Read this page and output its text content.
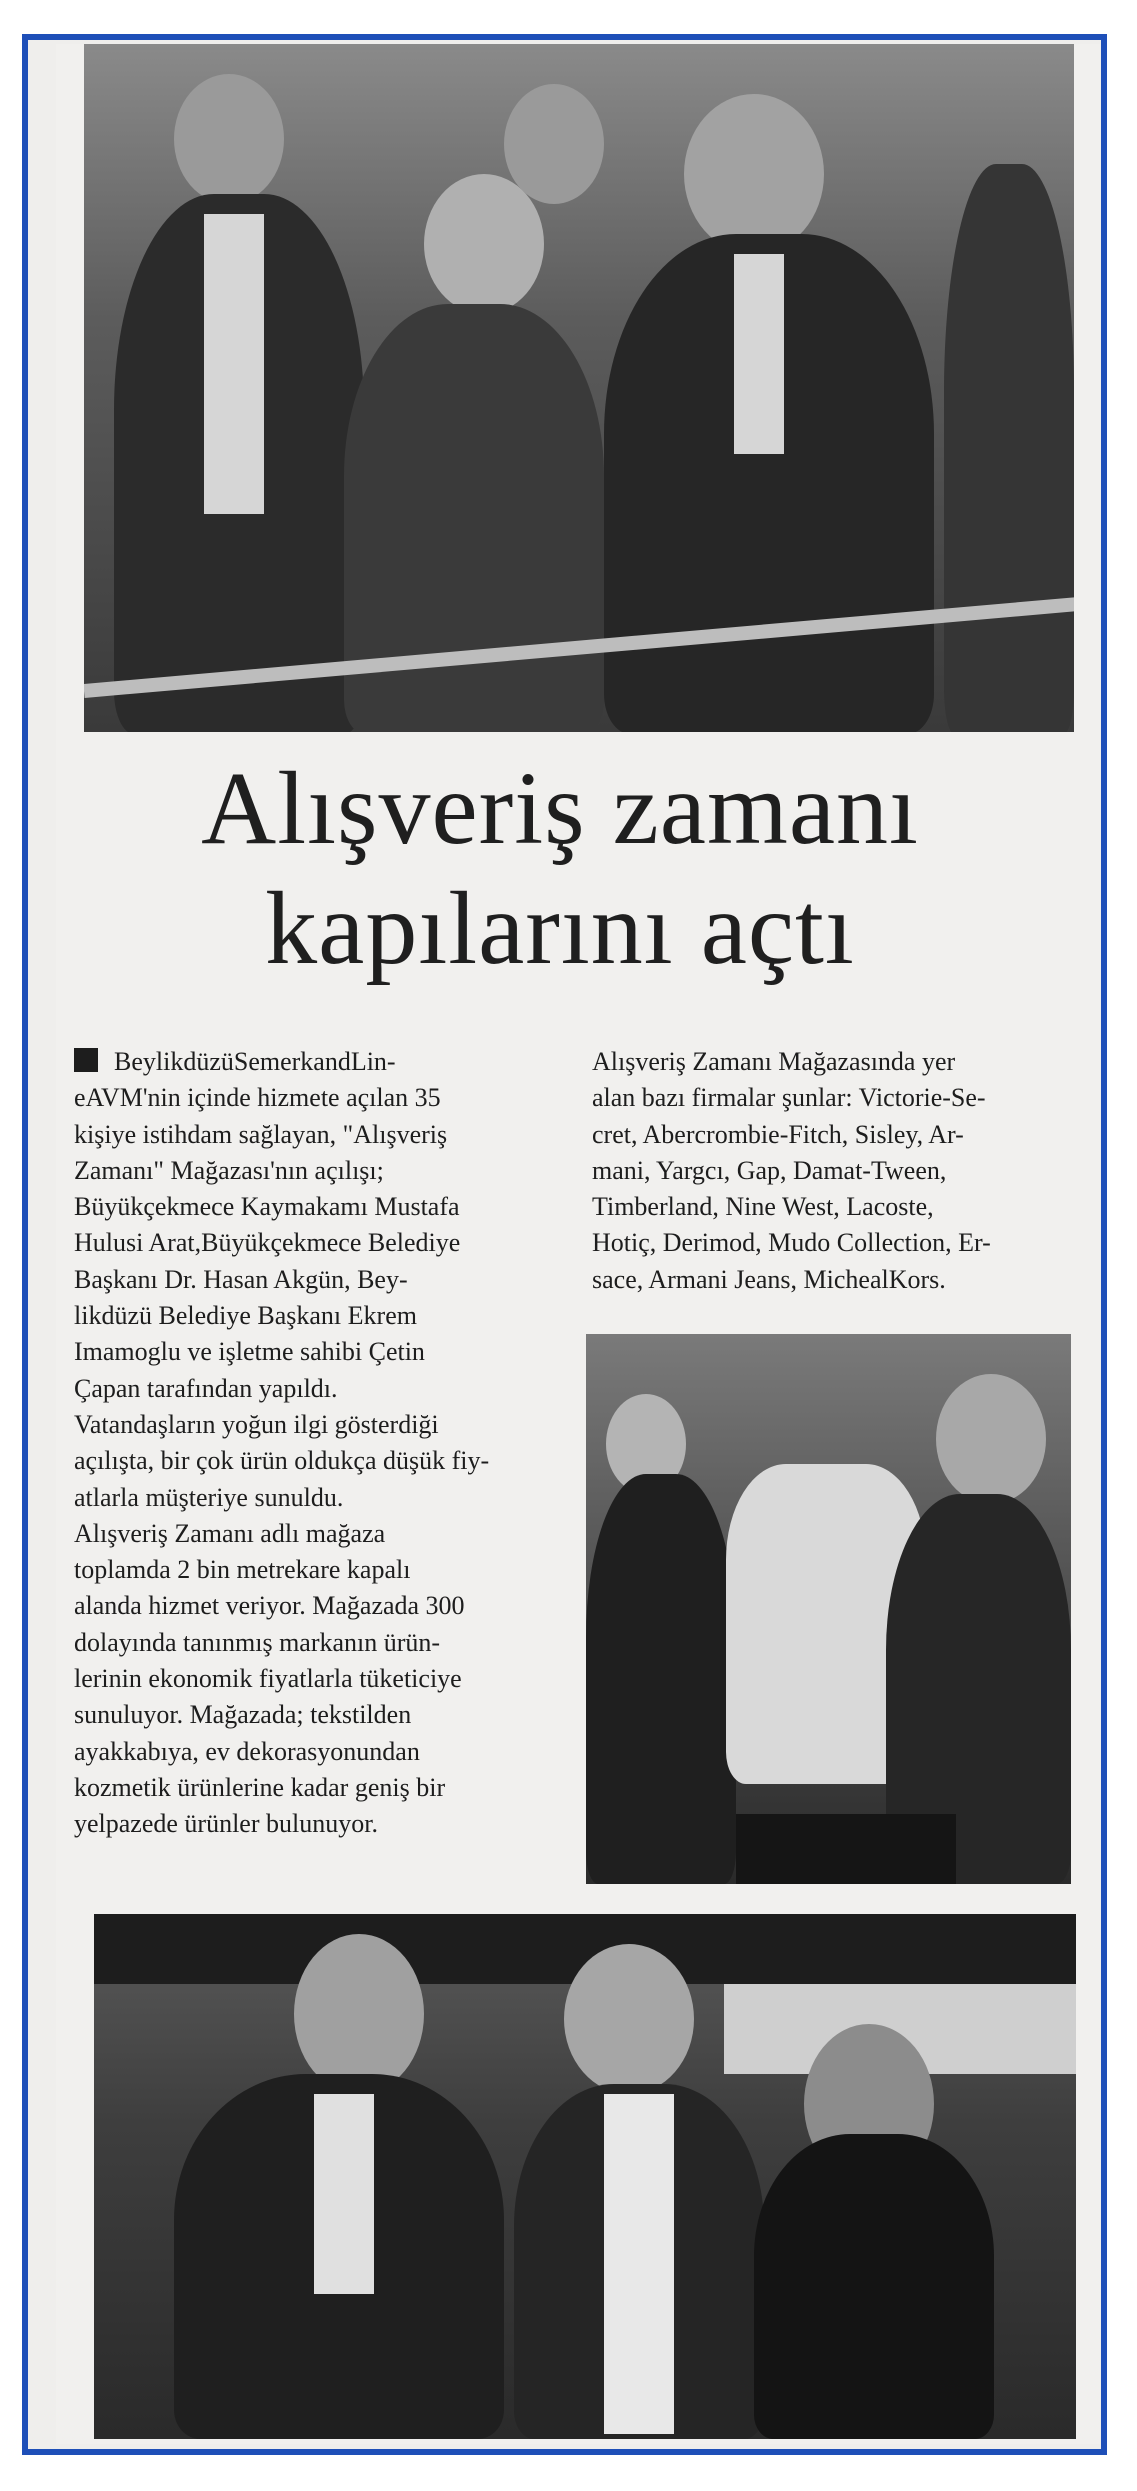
Alışveriş zamanı
kapılarını açtı

BeylikdüzüSemerkandLin-

eAVM'nin içinde hizmete açılan 35

kişiye istihdam sağlayan, "Alışveriş

Zamanı" Mağazası'nın açılışı;

Büyükçekmece Kaymakamı Mustafa

Hulusi Arat,Büyükçekmece Belediye

Başkanı Dr. Hasan Akgün, Bey-

likdüzü Belediye Başkanı Ekrem

Imamoglu ve işletme sahibi Çetin

Çapan tarafından yapıldı.

Vatandaşların yoğun ilgi gösterdiği

açılışta, bir çok ürün oldukça düşük fiy-

atlarla müşteriye sunuldu.

Alışveriş Zamanı adlı mağaza

toplamda 2 bin metrekare kapalı

alanda hizmet veriyor. Mağazada 300

dolayında tanınmış markanın ürün-

lerinin ekonomik fiyatlarla tüketiciye

sunuluyor. Mağazada; tekstilden

ayakkabıya, ev dekorasyonundan

kozmetik ürünlerine kadar geniş bir

yelpazede ürünler bulunuyor.

Alışveriş Zamanı Mağazasında yer

alan bazı firmalar şunlar: Victorie-Se-

cret, Abercrombie-Fitch, Sisley, Ar-

mani, Yargcı, Gap, Damat-Tween,

Timberland, Nine West, Lacoste,

Hotiç, Derimod, Mudo Collection, Er-

sace, Armani Jeans, MichealKors.
